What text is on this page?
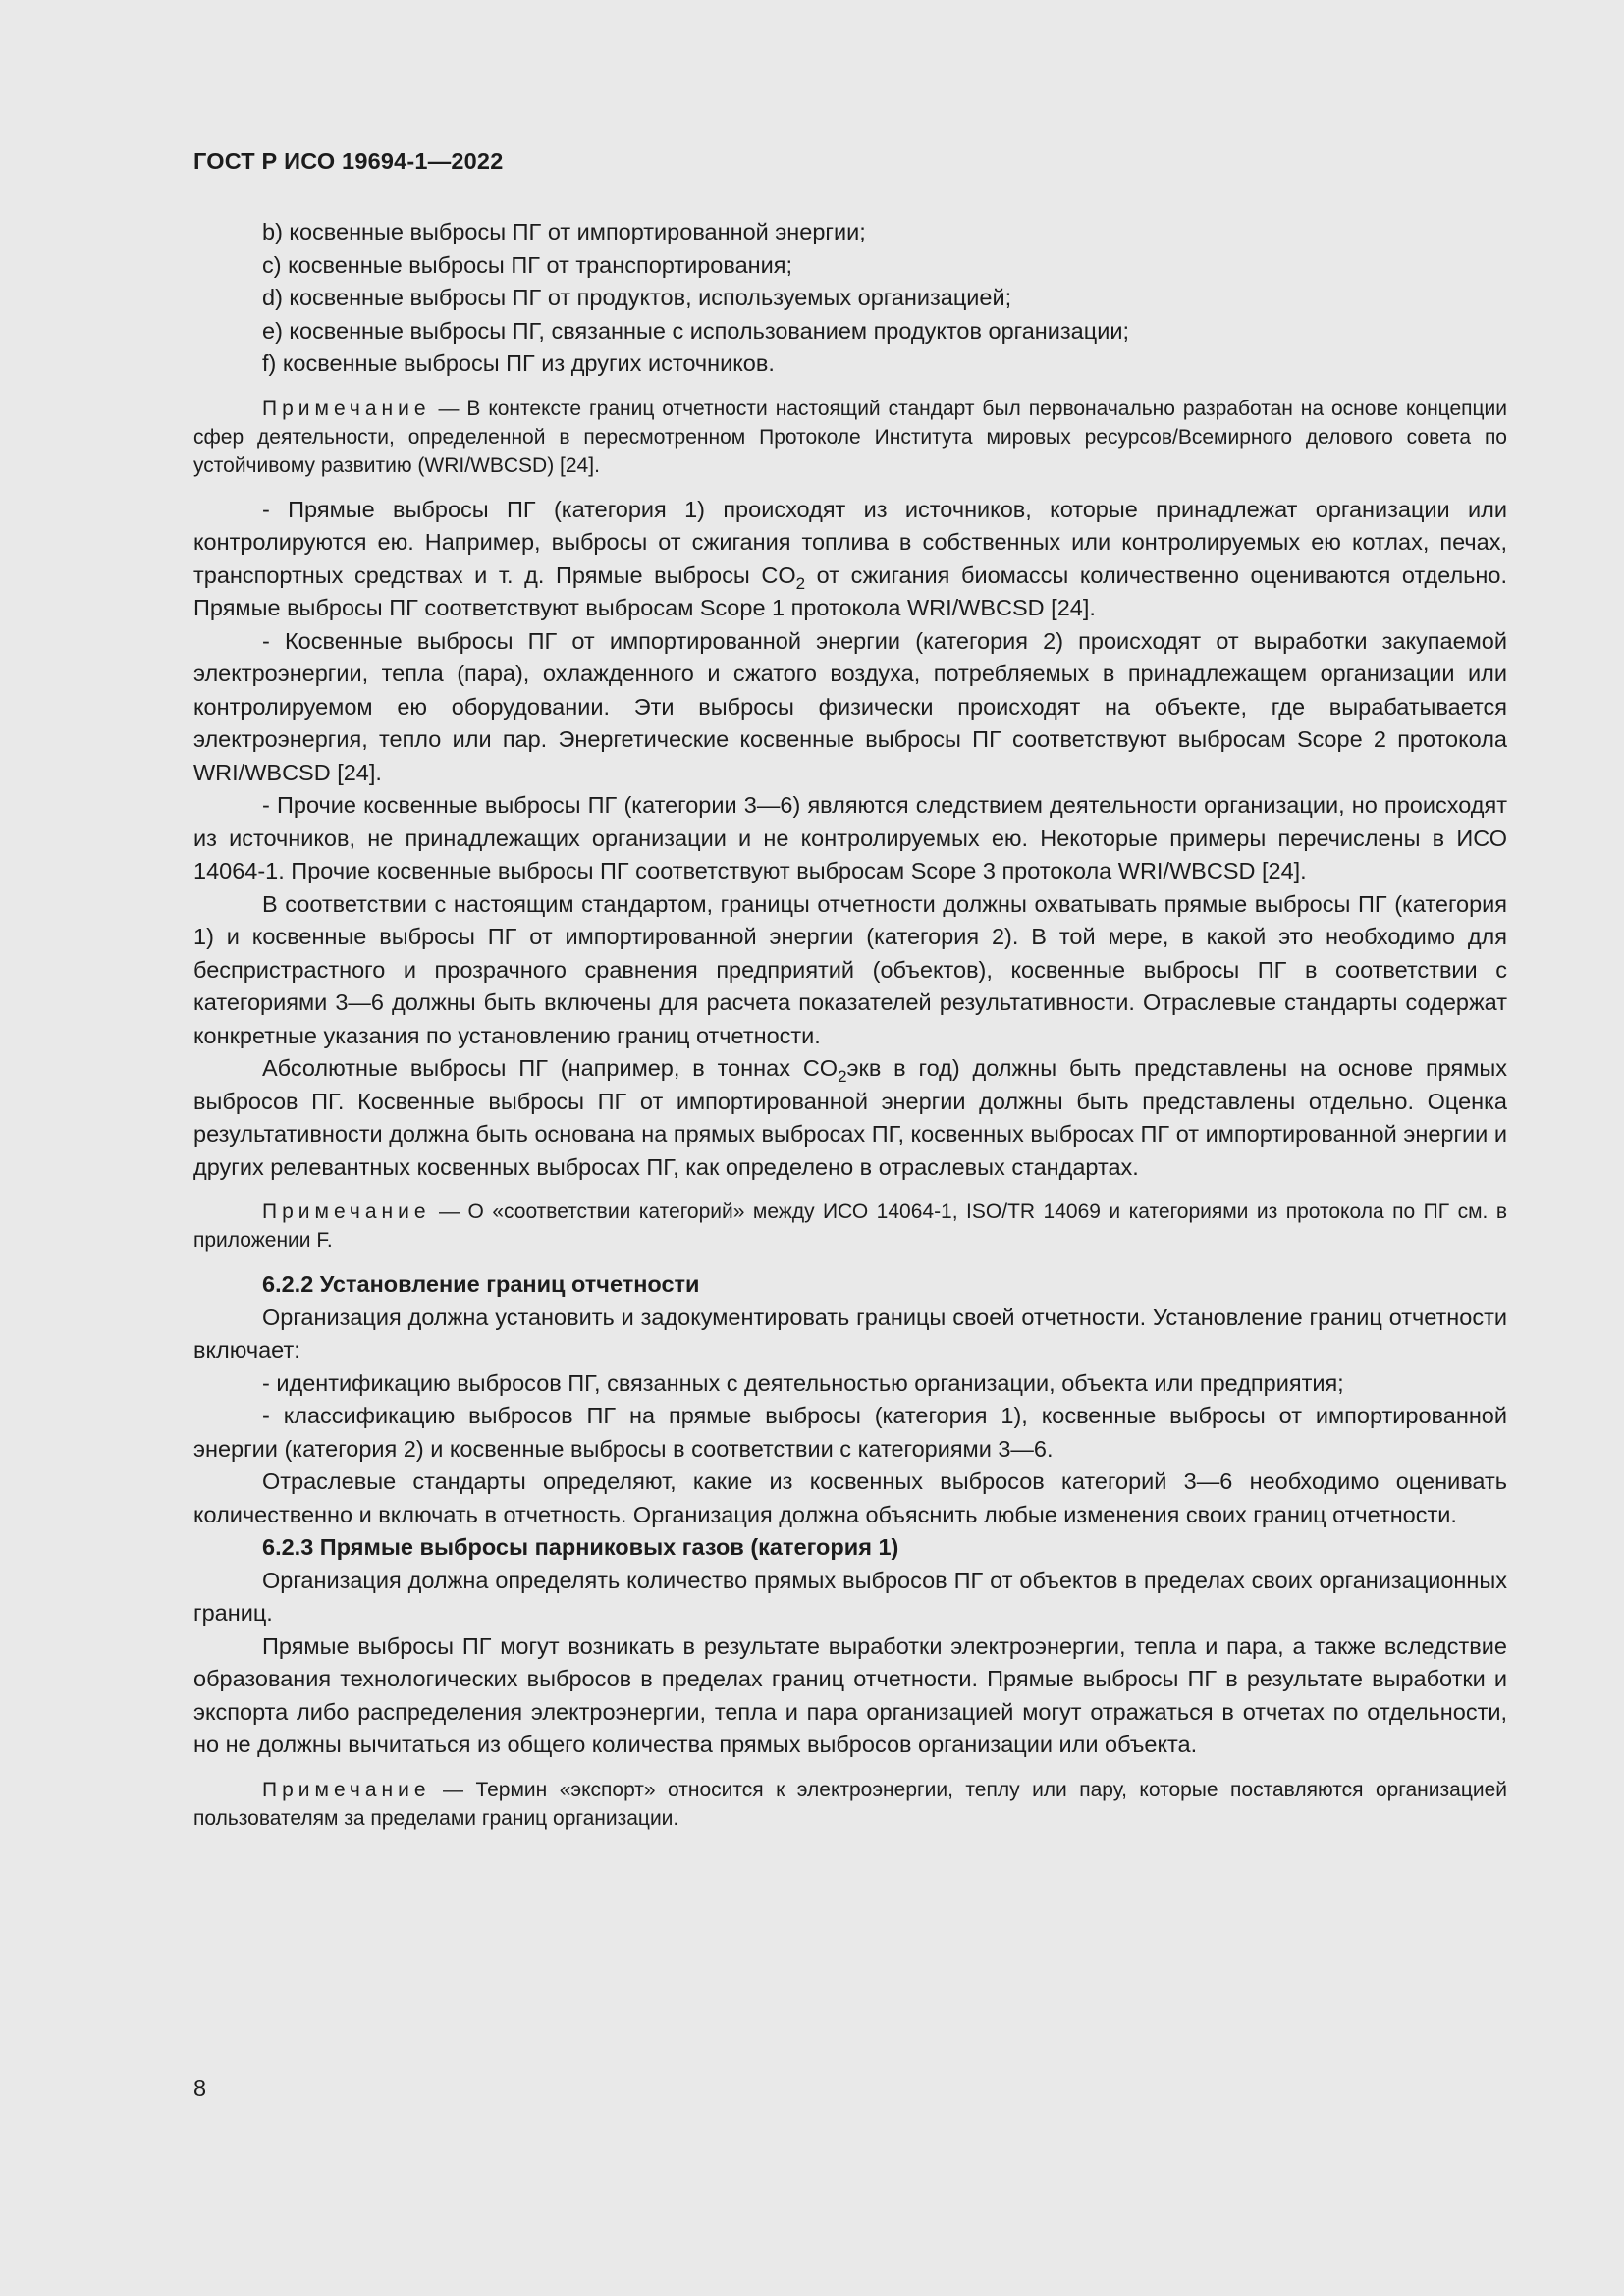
ГОСТ Р ИСО 19694-1—2022
b) косвенные выбросы ПГ от импортированной энергии;
c) косвенные выбросы ПГ от транспортирования;
d) косвенные выбросы ПГ от продуктов, используемых организацией;
e) косвенные выбросы ПГ, связанные с использованием продуктов организации;
f) косвенные выбросы ПГ из других источников.

Примечание — В контексте границ отчетности настоящий стандарт был первоначально разработан на основе концепции сфер деятельности, определенной в пересмотренном Протоколе Института мировых ресурсов/Всемирного делового совета по устойчивому развитию (WRI/WBCSD) [24].

- Прямые выбросы ПГ (категория 1) происходят из источников, которые принадлежат организации или контролируются ею. Например, выбросы от сжигания топлива в собственных или контролируемых ею котлах, печах, транспортных средствах и т. д. Прямые выбросы $CO_2$ от сжигания биомассы количественно оцениваются отдельно. Прямые выбросы ПГ соответствуют выбросам Scope 1 протокола WRI/WBCSD [24].

- Косвенные выбросы ПГ от импортированной энергии (категория 2) происходят от выработки закупаемой электроэнергии, тепла (пара), охлажденного и сжатого воздуха, потребляемых в принадлежащем организации или контролируемом ею оборудовании. Эти выбросы физически происходят на объекте, где вырабатывается электроэнергия, тепло или пар. Энергетические косвенные выбросы ПГ соответствуют выбросам Scope 2 протокола WRI/WBCSD [24].

- Прочие косвенные выбросы ПГ (категории 3—6) являются следствием деятельности организации, но происходят из источников, не принадлежащих организации и не контролируемых ею. Некоторые примеры перечислены в ИСО 14064-1. Прочие косвенные выбросы ПГ соответствуют выбросам Scope 3 протокола WRI/WBCSD [24].

В соответствии с настоящим стандартом, границы отчетности должны охватывать прямые выбросы ПГ (категория 1) и косвенные выбросы ПГ от импортированной энергии (категория 2). В той мере, в какой это необходимо для беспристрастного и прозрачного сравнения предприятий (объектов), косвенные выбросы ПГ в соответствии с категориями 3—6 должны быть включены для расчета показателей результативности. Отраслевые стандарты содержат конкретные указания по установлению границ отчетности.

Абсолютные выбросы ПГ (например, в тоннах $CO_2экв$ в год) должны быть представлены на основе прямых выбросов ПГ. Косвенные выбросы ПГ от импортированной энергии должны быть представлены отдельно. Оценка результативности должна быть основана на прямых выбросах ПГ, косвенных выбросах ПГ от импортированной энергии и других релевантных косвенных выбросах ПГ, как определено в отраслевых стандартах.

Примечание — О «соответствии категорий» между ИСО 14064-1, ISO/TR 14069 и категориями из протокола по ПГ см. в приложении F.

6.2.2 Установление границ отчетности

Организация должна установить и задокументировать границы своей отчетности. Установление границ отчетности включает:

- идентификацию выбросов ПГ, связанных с деятельностью организации, объекта или предприятия;

- классификацию выбросов ПГ на прямые выбросы (категория 1), косвенные выбросы от импортированной энергии (категория 2) и косвенные выбросы в соответствии с категориями 3—6.

Отраслевые стандарты определяют, какие из косвенных выбросов категорий 3—6 необходимо оценивать количественно и включать в отчетность. Организация должна объяснить любые изменения своих границ отчетности.

6.2.3 Прямые выбросы парниковых газов (категория 1)

Организация должна определять количество прямых выбросов ПГ от объектов в пределах своих организационных границ.

Прямые выбросы ПГ могут возникать в результате выработки электроэнергии, тепла и пара, а также вследствие образования технологических выбросов в пределах границ отчетности. Прямые выбросы ПГ в результате выработки и экспорта либо распределения электроэнергии, тепла и пара организацией могут отражаться в отчетах по отдельности, но не должны вычитаться из общего количества прямых выбросов организации или объекта.

Примечание — Термин «экспорт» относится к электроэнергии, теплу или пару, которые поставляются организацией пользователям за пределами границ организации.

8
